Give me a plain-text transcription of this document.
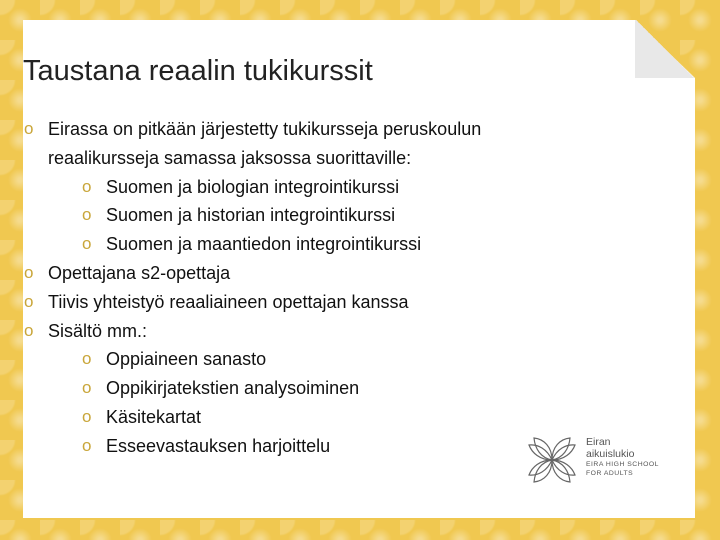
Taustana reaalin tukikurssit
o Eirassa on pitkään järjestetty tukikursseja peruskoulun
reaalikursseja samassa jaksossa suorittaville:
o Suomen ja biologian integrointikurssi
o Suomen ja historian integrointikurssi
o Suomen ja maantiedon integrointikurssi
o Opettajana s2-opettaja
o Tiivis yhteistyö reaaliaineen opettajan kanssa
o Sisältö mm.:
o Oppiaineen sanasto
o Oppikirjatekstien analysoiminen
o Käsitekartat
o Esseevastauksen harjoittelu	Eiran
aikuislukio
EIRA HIGH SCHOOL
FOR ADULTS
